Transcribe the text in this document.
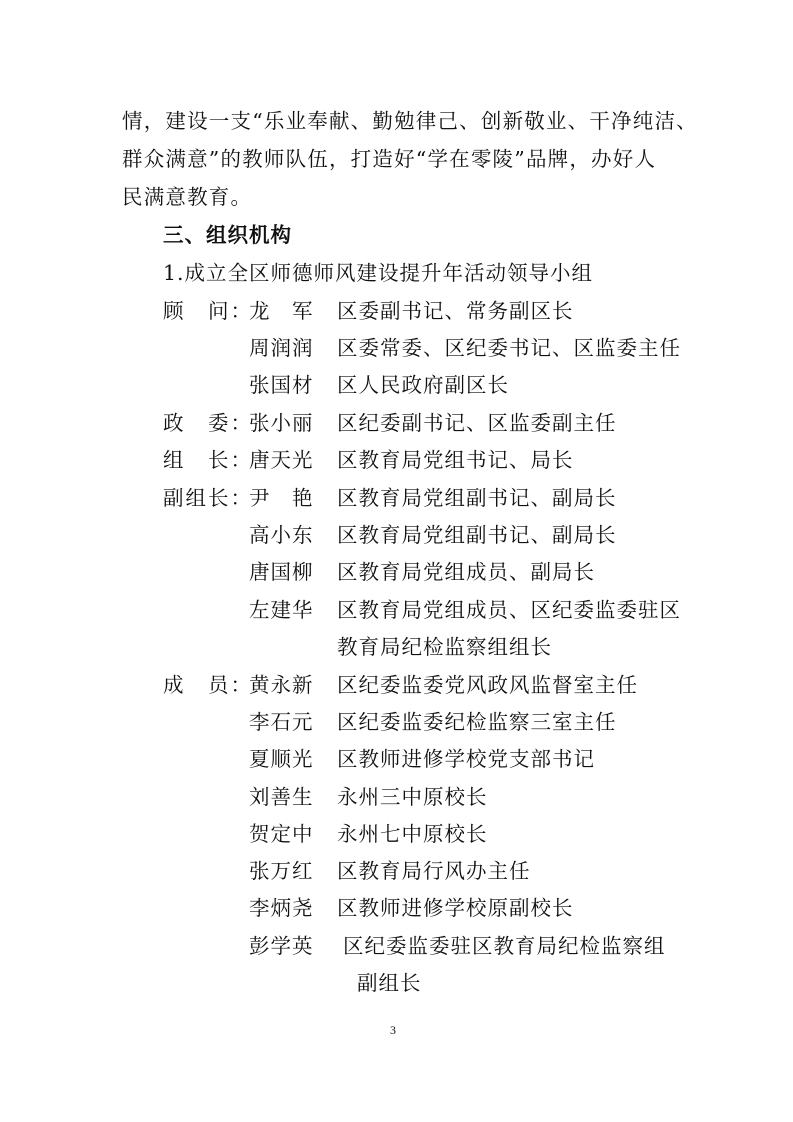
情，建设一支“乐业奉献、勤勉律己、创新敬业、干净纯洁、
群众满意”的教师队伍，打造好“学在零陵”品牌，办好人
民满意教育。
三、组织机构
1.成立全区师德师风建设提升年活动领导小组
顾　问：
龙　军 区委副书记、常务副区长
周润润 区委常委、区纪委书记、区监委主任
张国材 区人民政府副区长
政　委：
张小丽 区纪委副书记、区监委副主任
组　长：
唐天光 区教育局党组书记、局长
副组长：
尹　艳 区教育局党组副书记、副局长
高小东 区教育局党组副书记、副局长
唐国柳 区教育局党组成员、副局长
左建华 区教育局党组成员、区纪委监委驻区
教育局纪检监察组组长
成　员：
黄永新 区纪委监委党风政风监督室主任
李石元 区纪委监委纪检监察三室主任
夏顺光 区教师进修学校党支部书记
刘善生 永州三中原校长
贺定中 永州七中原校长
张万红 区教育局行风办主任
李炳尧 区教师进修学校原副校长
彭学英 区纪委监委驻区教育局纪检监察组
副组长
3
